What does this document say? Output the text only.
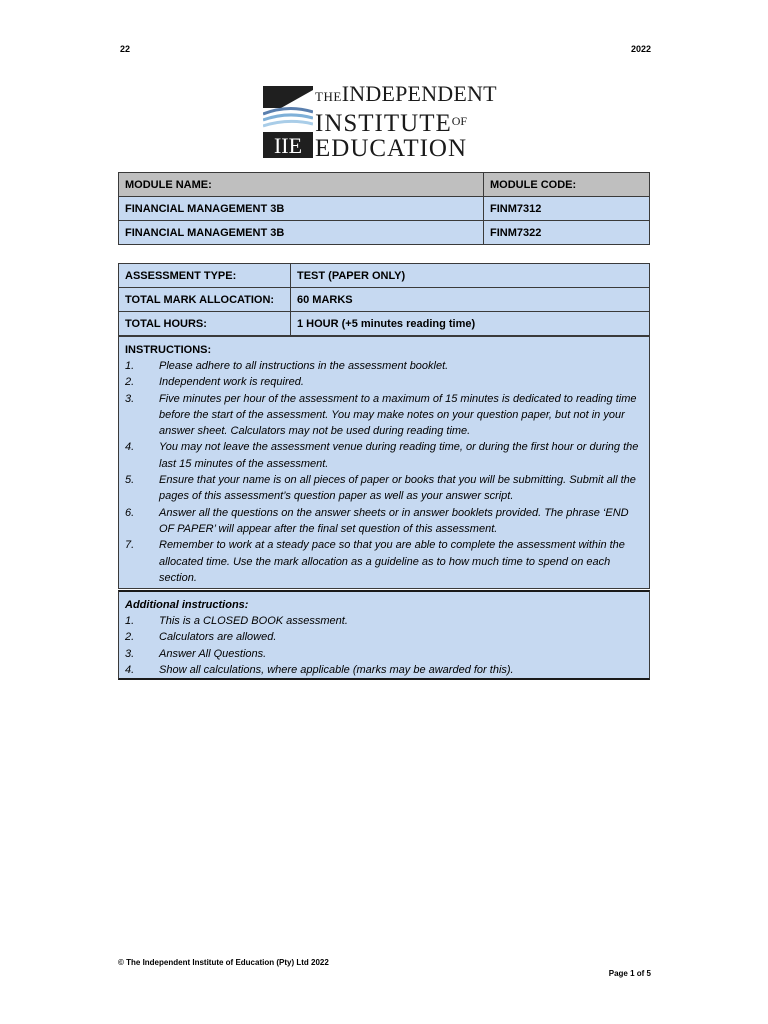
22	2022
IIE
THEINDEPENDENT
$INSTITUTE^{OF}$
EDUCATION
MODULE NAME:	MODULE CODE:
FINANCIAL MANAGEMENT 3B	FINM7312
FINANCIAL MANAGEMENT 3B	FINM7322
ASSESSMENT TYPE:	TEST (PAPER ONLY)
TOTAL MARK ALLOCATION:	60 MARKS
TOTAL HOURS:	1 HOUR (+5 minutes reading time)
INSTRUCTIONS:
1.	Please adhere to all instructions in the assessment booklet.
2.	Independent work is required.
3.	Five minutes per hour of the assessment to a maximum of 15 minutes is dedicated to reading time before the start of the assessment. You may make notes on your question paper, but not in your answer sheet. Calculators may not be used during reading time.
4.	You may not leave the assessment venue during reading time, or during the first hour or during the last 15 minutes of the assessment.
5.	Ensure that your name is on all pieces of paper or books that you will be submitting. Submit all the pages of this assessment’s question paper as well as your answer script.
6.	Answer all the questions on the answer sheets or in answer booklets provided. The phrase ‘END OF PAPER’ will appear after the final set question of this assessment.
7.	Remember to work at a steady pace so that you are able to complete the assessment within the allocated time. Use the mark allocation as a guideline as to how much time to spend on each section.
Additional instructions:
1.	This is a CLOSED BOOK assessment.
2.	Calculators are allowed.
3.	Answer All Questions.
4.	Show all calculations, where applicable (marks may be awarded for this).
© The Independent Institute of Education (Pty) Ltd 2022
Page 1 of 5
